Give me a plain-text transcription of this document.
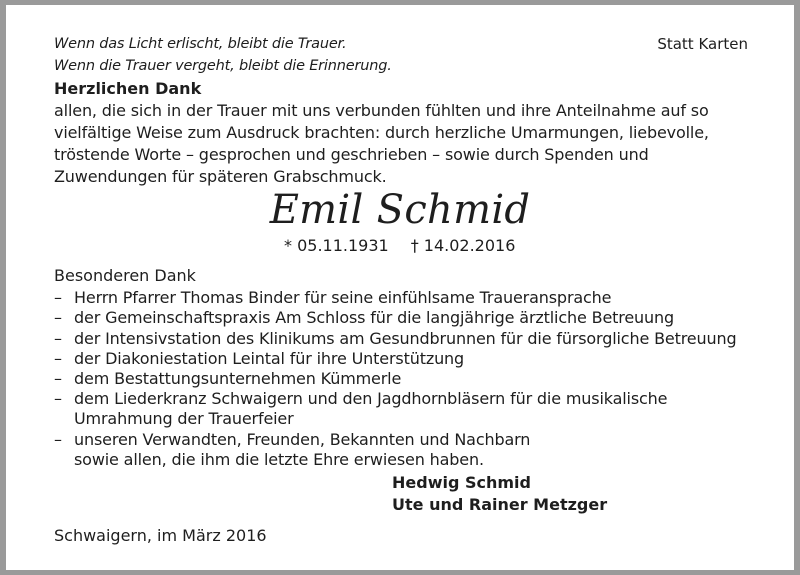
Wenn das Licht erlischt, bleibt die Trauer.
Wenn die Trauer vergeht, bleibt die Erinnerung.
Statt Karten
Herzlichen Dank
allen, die sich in der Trauer mit uns verbunden fühlten und ihre Anteilnahme auf so
vielfältige Weise zum Ausdruck brachten: durch herzliche Umarmungen, liebevolle,
tröstende Worte – gesprochen und geschrieben – sowie durch Spenden und
Zuwendungen für späteren Grabschmuck.
Emil Schmid
* 05.11.1931 † 14.02.2016
Besonderen Dank
– Herrn Pfarrer Thomas Binder für seine einfühlsame Traueransprache
– der Gemeinschaftspraxis Am Schloss für die langjährige ärztliche Betreuung
– der Intensivstation des Klinikums am Gesundbrunnen für die fürsorgliche Betreuung
– der Diakoniestation Leintal für ihre Unterstützung
– dem Bestattungsunternehmen Kümmerle
– dem Liederkranz Schwaigern und den Jagdhornbläsern für die musikalische
Umrahmung der Trauerfeier
– unseren Verwandten, Freunden, Bekannten und Nachbarn
sowie allen, die ihm die letzte Ehre erwiesen haben.
Hedwig Schmid
Ute und Rainer Metzger
Schwaigern, im März 2016
